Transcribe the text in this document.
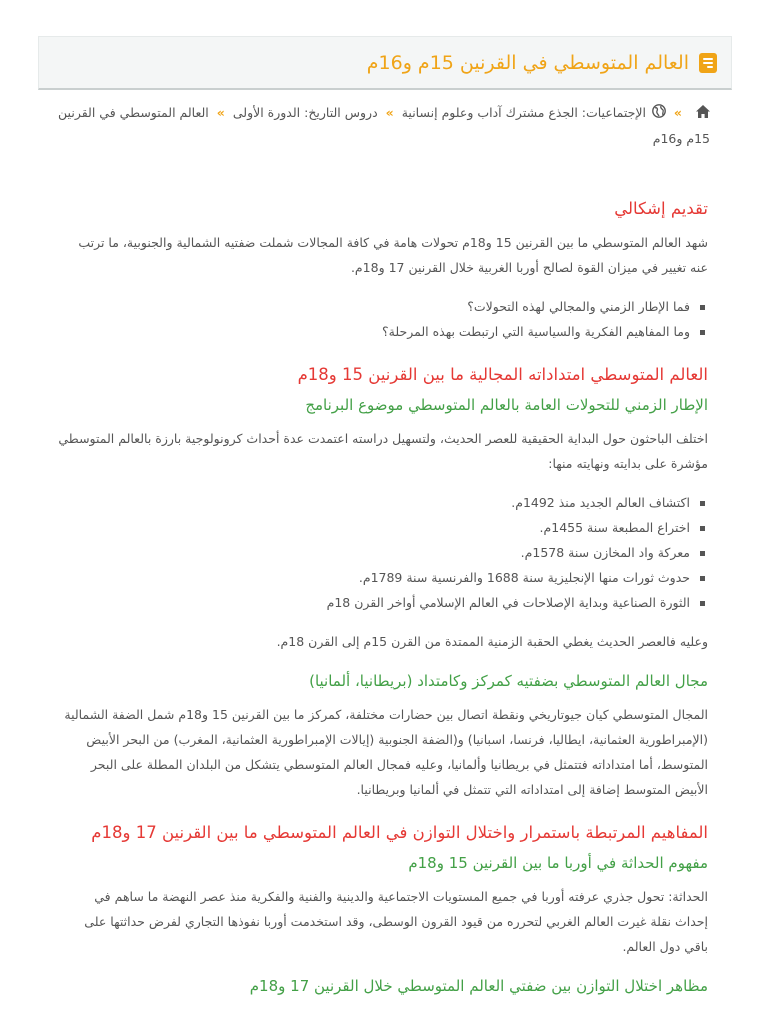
العالم المتوسطي في القرنين 15م و16م
»الإجتماعيات: الجذع مشترك آداب وعلوم إنسانية»دروس التاريخ: الدورة الأولى»العالم المتوسطي في القرنين 15م و16م
تقديم إشكالي

شهد العالم المتوسطي ما بين القرنين 15 و18م تحولات هامة في كافة المجالات شملت ضفتيه الشمالية والجنوبية، ما ترتب عنه تغيير في ميزان القوة لصالح أوربا الغربية خلال القرنين 17 و18م.

فما الإطار الزمني والمجالي لهذه التحولات؟
وما المفاهيم الفكرية والسياسية التي ارتبطت بهذه المرحلة؟
العالم المتوسطي امتداداته المجالية ما بين القرنين 15 و18م
الإطار الزمني للتحولات العامة بالعالم المتوسطي موضوع البرنامج

اختلف الباحثون حول البداية الحقيقية للعصر الحديث، ولتسهيل دراسته اعتمدت عدة أحداث كرونولوجية بارزة بالعالم المتوسطي مؤشرة على بدايته ونهايته منها:

اكتشاف العالم الجديد منذ 1492م.
اختراع المطبعة سنة 1455م.
معركة واد المخازن سنة 1578م.
حدوث ثورات منها الإنجليزية سنة 1688 والفرنسية سنة 1789م.
الثورة الصناعية وبداية الإصلاحات في العالم الإسلامي أواخر القرن 18م

وعليه فالعصر الحديث يغطي الحقبة الزمنية الممتدة من القرن 15م إلى القرن 18م.

مجال العالم المتوسطي بضفتيه كمركز وكامتداد (بريطانيا، ألمانيا)

المجال المتوسطي كيان جيوتاريخي ونقطة اتصال بين حضارات مختلفة، كمركز ما بين القرنين 15 و18م شمل الضفة الشمالية (الإمبراطورية العثمانية، ايطاليا، فرنسا، اسبانيا) و(الضفة الجنوبية (إيالات الإمبراطورية العثمانية، المغرب) من البحر الأبيض المتوسط، أما امتداداته فتتمثل في بريطانيا وألمانيا، وعليه فمجال العالم المتوسطي يتشكل من البلدان المطلة على البحر الأبيض المتوسط إضافة إلى امتداداته التي تتمثل في ألمانيا وبريطانيا.

المفاهيم المرتبطة باستمرار واختلال التوازن في العالم المتوسطي ما بين القرنين 17 و18م
مفهوم الحداثة في أوربا ما بين القرنين 15 و18م

الحداثة: تحول جذري عرفته أوربا في جميع المستويات الاجتماعية والدينية والفنية والفكرية منذ عصر النهضة ما ساهم في إحداث نقلة غيرت العالم الغربي لتحرره من قيود القرون الوسطى، وقد استخدمت أوربا نفوذها التجاري لفرض حداثتها على باقي دول العالم.

مظاهر اختلال التوازن بين ضفتي العالم المتوسطي خلال القرنين 17 و18م
